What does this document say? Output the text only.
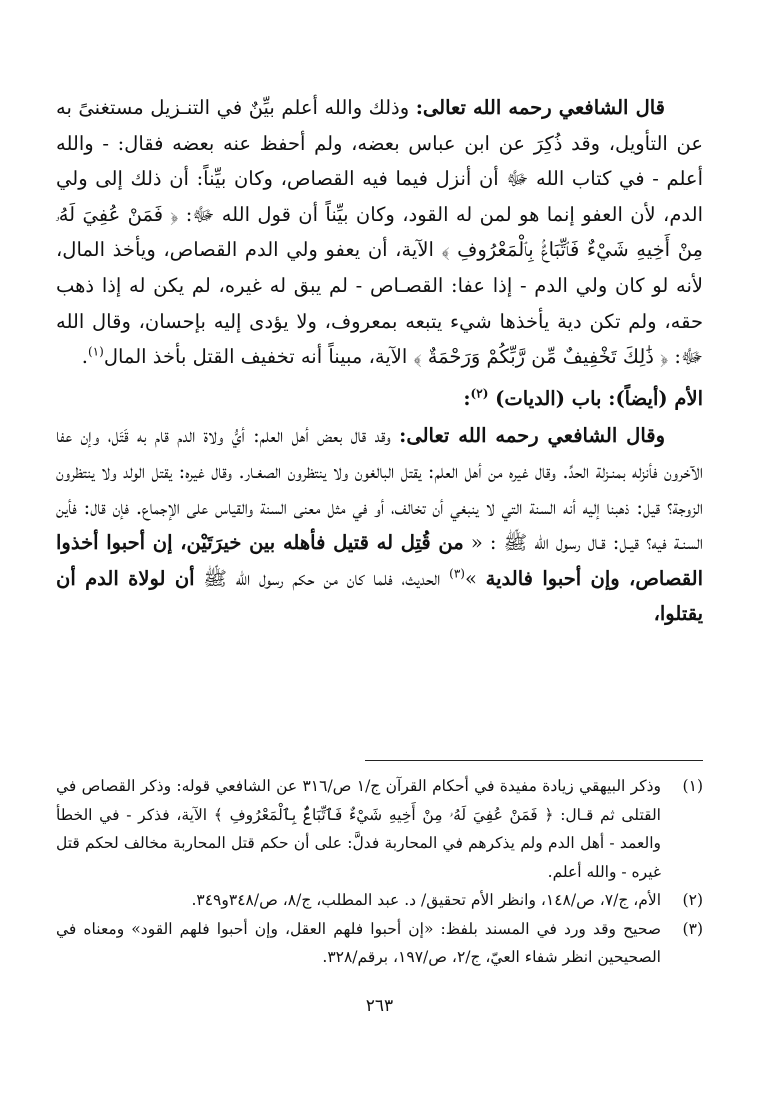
قال الشافعي رحمه الله تعالى: وذلك والله أعلم بيِّنٌ في التنـزيل مستغنىً به عن التأويل، وقد ذُكِرَ عن ابن عباس بعضه، ولم أحفظ عنه بعضه فقال: - والله أعلم - في كتاب الله ﷻ أن أنزل فيما فيه القصاص، وكان بيِّناً: أن ذلك إلى ولي الدم، لأن العفو إنما هو لمن له القود، وكان بيِّناً أن قول الله ﷻ: ﴿ فَمَنْ عُفِيَ لَهُۥ مِنْ أَخِيهِ شَيْءٌ فَٱتِّبَاعٌۢ بِٱلْمَعْرُوفِ ﴾ الآية، أن يعفو ولي الدم القصاص، ويأخذ المال، لأنه لو كان ولي الدم - إذا عفا: القصـاص - لم يبق له غيره، لم يكن له إذا ذهب حقه، ولم تكن دية يأخذها شيء يتبعه بمعروف، ولا يؤدى إليه بإحسان، وقال الله ﷻ: ﴿ ذَٰلِكَ تَخْفِيفٌ مِّن رَّبِّكُمْ وَرَحْمَةٌ ﴾ الآية، مبيناً أنه تخفيف القتل بأخذ المال$^{(١)}$.

الأم (أيضاً): باب (الديات) $^{(٢)}$:

وقال الشافعي رحمه الله تعالى: وقد قال بعض أهل العلم: أيُّ ولاة الدم قام به قَتَل، وإن عفا الآخرون فأنزله بمنـزلة الحدِّ. وقال غيره من أهل العلم: يقتل البالغون ولا ينتظرون الصغـار. وقال غيره: يقتل الولد ولا ينتظرون الزوجة؟ قيل: ذهبنا إليه أنه السنة التي لا ينبغي أن تخالف، أو في مثل معنى السنة والقياس على الإجماع. فإن قال: فأين السنـة فيه؟ قيـل: قـال رسول الله ﷺ : « من قُتِل له قتيل فأهله بين خيرَتَيْن، إن أحبوا أخذوا القصاص، وإن أحبوا فالدية »$^{(٣)}$ الحديث، فلما كان من حكم رسول الله ﷺ أن لولاة الدم أن يقتلوا،

(١)
وذكر البيهقي زيادة مفيدة في أحكام القرآن ج/١ ص/٣١٦ عن الشافعي قوله: وذكر القصاص في القتلى ثم قـال: ﴿ فَمَنْ عُفِيَ لَهُۥ مِنْ أَخِيهِ شَيْءٌ فَٱتِّبَاعٌۢ بِٱلْمَعْرُوفِ ﴾ الآية، فذكر - في الخطأ والعمد - أهل الدم ولم يذكرهم في المحاربة فدلَّ: على أن حكم قتل المحاربة مخالف لحكم قتل غيره - والله أعلم.

(٢)
الأم، ج/٧، ص/١٤٨، وانظر الأم تحقيق/ د. عبد المطلب، ج/٨، ص/٣٤٨و٣٤٩.

(٣)
صحيح وقد ورد في المسند بلفظ: «إن أحبوا فلهم العقل، وإن أحبوا فلهم القود» ومعناه في الصحيحين انظر شفاء العيّ، ج/٢، ص/١٩٧، برقم/٣٢٨.

٢٦٣
